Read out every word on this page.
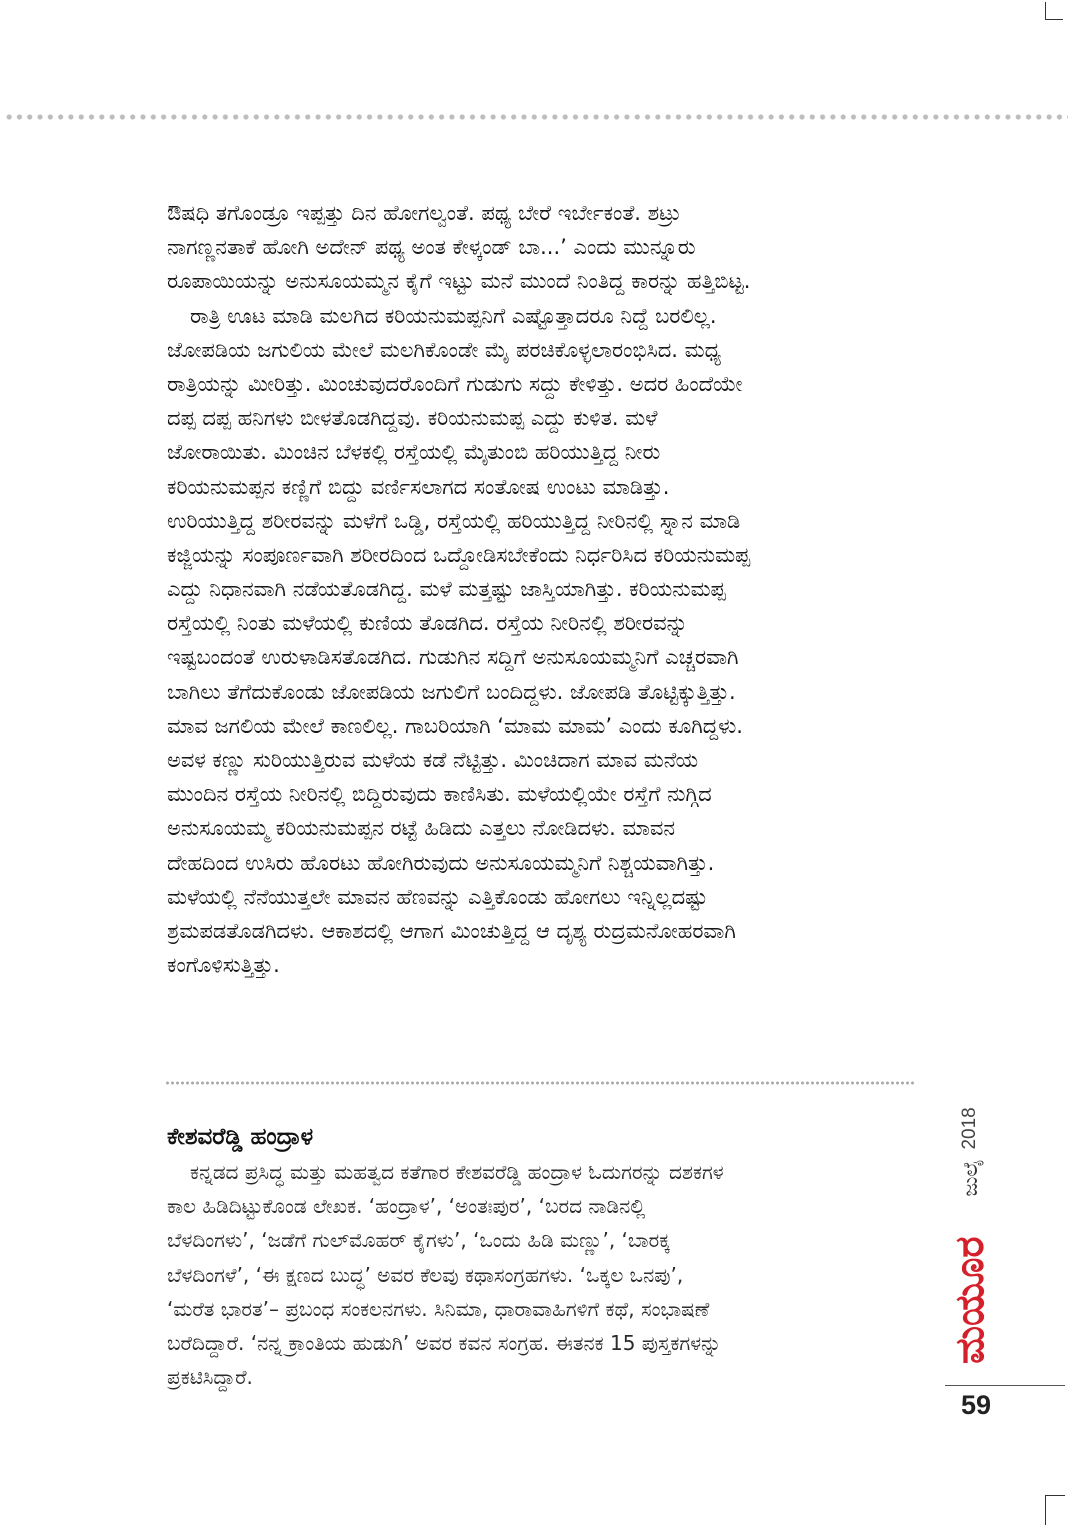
ಔಷಧಿ ತಗೊಂಡ್ರೂ ಇಪ್ಪತ್ತು ದಿನ ಹೋಗಲ್ವಂತೆ. ಪಥ್ಯ ಬೇರೆ ಇರ್ಬೇಕಂತೆ. ಶಟ್ರು
ನಾಗಣ್ಣನತಾಕೆ ಹೋಗಿ ಅದೇನ್ ಪಥ್ಯ ಅಂತ ಕೇಳ್ಕಂಡ್ ಬಾ...’ ಎಂದು ಮುನ್ನೂರು
ರೂಪಾಯಿಯನ್ನು ಅನುಸೂಯಮ್ಮನ ಕೈಗೆ ಇಟ್ಟು ಮನೆ ಮುಂದೆ ನಿಂತಿದ್ದ ಕಾರನ್ನು ಹತ್ತಿಬಿಟ್ಟ.
ರಾತ್ರಿ ಊಟ ಮಾಡಿ ಮಲಗಿದ ಕರಿಯನುಮಪ್ಪನಿಗೆ ಎಷ್ಟೊತ್ತಾದರೂ ನಿದ್ದೆ ಬರಲಿಲ್ಲ.
ಜೋಪಡಿಯ ಜಗುಲಿಯ ಮೇಲೆ ಮಲಗಿಕೊಂಡೇ ಮೈ ಪರಚಿಕೊಳ್ಳಲಾರಂಭಿಸಿದ. ಮಧ್ಯ
ರಾತ್ರಿಯನ್ನು ಮೀರಿತ್ತು. ಮಿಂಚುವುದರೊಂದಿಗೆ ಗುಡುಗು ಸದ್ದು ಕೇಳಿತ್ತು. ಅದರ ಹಿಂದೆಯೇ
ದಪ್ಪ ದಪ್ಪ ಹನಿಗಳು ಬೀಳತೊಡಗಿದ್ದವು. ಕರಿಯನುಮಪ್ಪ ಎದ್ದು ಕುಳಿತ. ಮಳೆ
ಜೋರಾಯಿತು. ಮಿಂಚಿನ ಬೆಳಕಲ್ಲಿ ರಸ್ತೆಯಲ್ಲಿ ಮೈತುಂಬಿ ಹರಿಯುತ್ತಿದ್ದ ನೀರು
ಕರಿಯನುಮಪ್ಪನ ಕಣ್ಣಿಗೆ ಬಿದ್ದು ವರ್ಣಿಸಲಾಗದ ಸಂತೋಷ ಉಂಟು ಮಾಡಿತ್ತು.
ಉರಿಯುತ್ತಿದ್ದ ಶರೀರವನ್ನು ಮಳೆಗೆ ಒಡ್ಡಿ, ರಸ್ತೆಯಲ್ಲಿ ಹರಿಯುತ್ತಿದ್ದ ನೀರಿನಲ್ಲಿ ಸ್ನಾನ ಮಾಡಿ
ಕಜ್ಜಿಯನ್ನು ಸಂಪೂರ್ಣವಾಗಿ ಶರೀರದಿಂದ ಒದ್ದೋಡಿಸಬೇಕೆಂದು ನಿರ್ಧರಿಸಿದ ಕರಿಯನುಮಪ್ಪ
ಎದ್ದು ನಿಧಾನವಾಗಿ ನಡೆಯತೊಡಗಿದ್ದ. ಮಳೆ ಮತ್ತಷ್ಟು ಜಾಸ್ತಿಯಾಗಿತ್ತು. ಕರಿಯನುಮಪ್ಪ
ರಸ್ತೆಯಲ್ಲಿ ನಿಂತು ಮಳೆಯಲ್ಲಿ ಕುಣಿಯ ತೊಡಗಿದ. ರಸ್ತೆಯ ನೀರಿನಲ್ಲಿ ಶರೀರವನ್ನು
ಇಷ್ಟಬಂದಂತೆ ಉರುಳಾಡಿಸತೊಡಗಿದ. ಗುಡುಗಿನ ಸದ್ದಿಗೆ ಅನುಸೂಯಮ್ಮನಿಗೆ ಎಚ್ಚರವಾಗಿ
ಬಾಗಿಲು ತೆಗೆದುಕೊಂಡು ಜೋಪಡಿಯ ಜಗುಲಿಗೆ ಬಂದಿದ್ದಳು. ಜೋಪಡಿ ತೊಟ್ಟಿಕ್ಕುತ್ತಿತ್ತು.
ಮಾವ ಜಗಲಿಯ ಮೇಲೆ ಕಾಣಲಿಲ್ಲ. ಗಾಬರಿಯಾಗಿ ‘ಮಾಮ ಮಾಮ’ ಎಂದು ಕೂಗಿದ್ದಳು.
ಅವಳ ಕಣ್ಣು ಸುರಿಯುತ್ತಿರುವ ಮಳೆಯ ಕಡೆ ನೆಟ್ಟಿತ್ತು. ಮಿಂಚಿದಾಗ ಮಾವ ಮನೆಯ
ಮುಂದಿನ ರಸ್ತೆಯ ನೀರಿನಲ್ಲಿ ಬಿದ್ದಿರುವುದು ಕಾಣಿಸಿತು. ಮಳೆಯಲ್ಲಿಯೇ ರಸ್ತೆಗೆ ನುಗ್ಗಿದ
ಅನುಸೂಯಮ್ಮ ಕರಿಯನುಮಪ್ಪನ ರಟ್ಟೆ ಹಿಡಿದು ಎತ್ತಲು ನೋಡಿದಳು. ಮಾವನ
ದೇಹದಿಂದ ಉಸಿರು ಹೊರಟು ಹೋಗಿರುವುದು ಅನುಸೂಯಮ್ಮನಿಗೆ ನಿಶ್ಚಯವಾಗಿತ್ತು.
ಮಳೆಯಲ್ಲಿ ನೆನೆಯುತ್ತಲೇ ಮಾವನ ಹೆಣವನ್ನು ಎತ್ತಿಕೊಂಡು ಹೋಗಲು ಇನ್ನಿಲ್ಲದಷ್ಟು
ಶ್ರಮಪಡತೊಡಗಿದಳು. ಆಕಾಶದಲ್ಲಿ ಆಗಾಗ ಮಿಂಚುತ್ತಿದ್ದ ಆ ದೃಶ್ಯ ರುದ್ರಮನೋಹರವಾಗಿ
ಕಂಗೊಳಿಸುತ್ತಿತ್ತು.
ಕೇಶವರೆಡ್ಡಿ ಹಂದ್ರಾಳ
ಕನ್ನಡದ ಪ್ರಸಿದ್ಧ ಮತ್ತು ಮಹತ್ವದ ಕತೆಗಾರ ಕೇಶವರೆಡ್ಡಿ ಹಂದ್ರಾಳ ಓದುಗರನ್ನು ದಶಕಗಳ
ಕಾಲ ಹಿಡಿದಿಟ್ಟುಕೊಂಡ ಲೇಖಕ. ‘ಹಂದ್ರಾಳ’, ‘ಅಂತಃಪುರ’, ‘ಬರದ ನಾಡಿನಲ್ಲಿ
ಬೆಳದಿಂಗಳು’, ‘ಜಡೆಗೆ ಗುಲ್‌ಮೊಹರ್ ಕೈಗಳು’, ‘ಒಂದು ಹಿಡಿ ಮಣ್ಣು’, ‘ಬಾರಕ್ಕ
ಬೆಳದಿಂಗಳೆ’, ‘ಈ ಕ್ಷಣದ ಬುದ್ಧ’ ಅವರ ಕೆಲವು ಕಥಾಸಂಗ್ರಹಗಳು. ‘ಒಕ್ಕಲ ಒನಪು’,
‘ಮರೆತ ಭಾರತ’– ಪ್ರಬಂಧ ಸಂಕಲನಗಳು. ಸಿನಿಮಾ, ಧಾರಾವಾಹಿಗಳಿಗೆ ಕಥೆ, ಸಂಭಾಷಣೆ
ಬರೆದಿದ್ದಾರೆ. ‘ನನ್ನ ಕ್ರಾಂತಿಯ ಹುಡುಗಿ’ ಅವರ ಕವನ ಸಂಗ್ರಹ. ಈತನಕ 15 ಪುಸ್ತಕಗಳನ್ನು
ಪ್ರಕಟಿಸಿದ್ದಾರೆ.
ಮಯೂರ
ಜುಲೈ
2018
59
